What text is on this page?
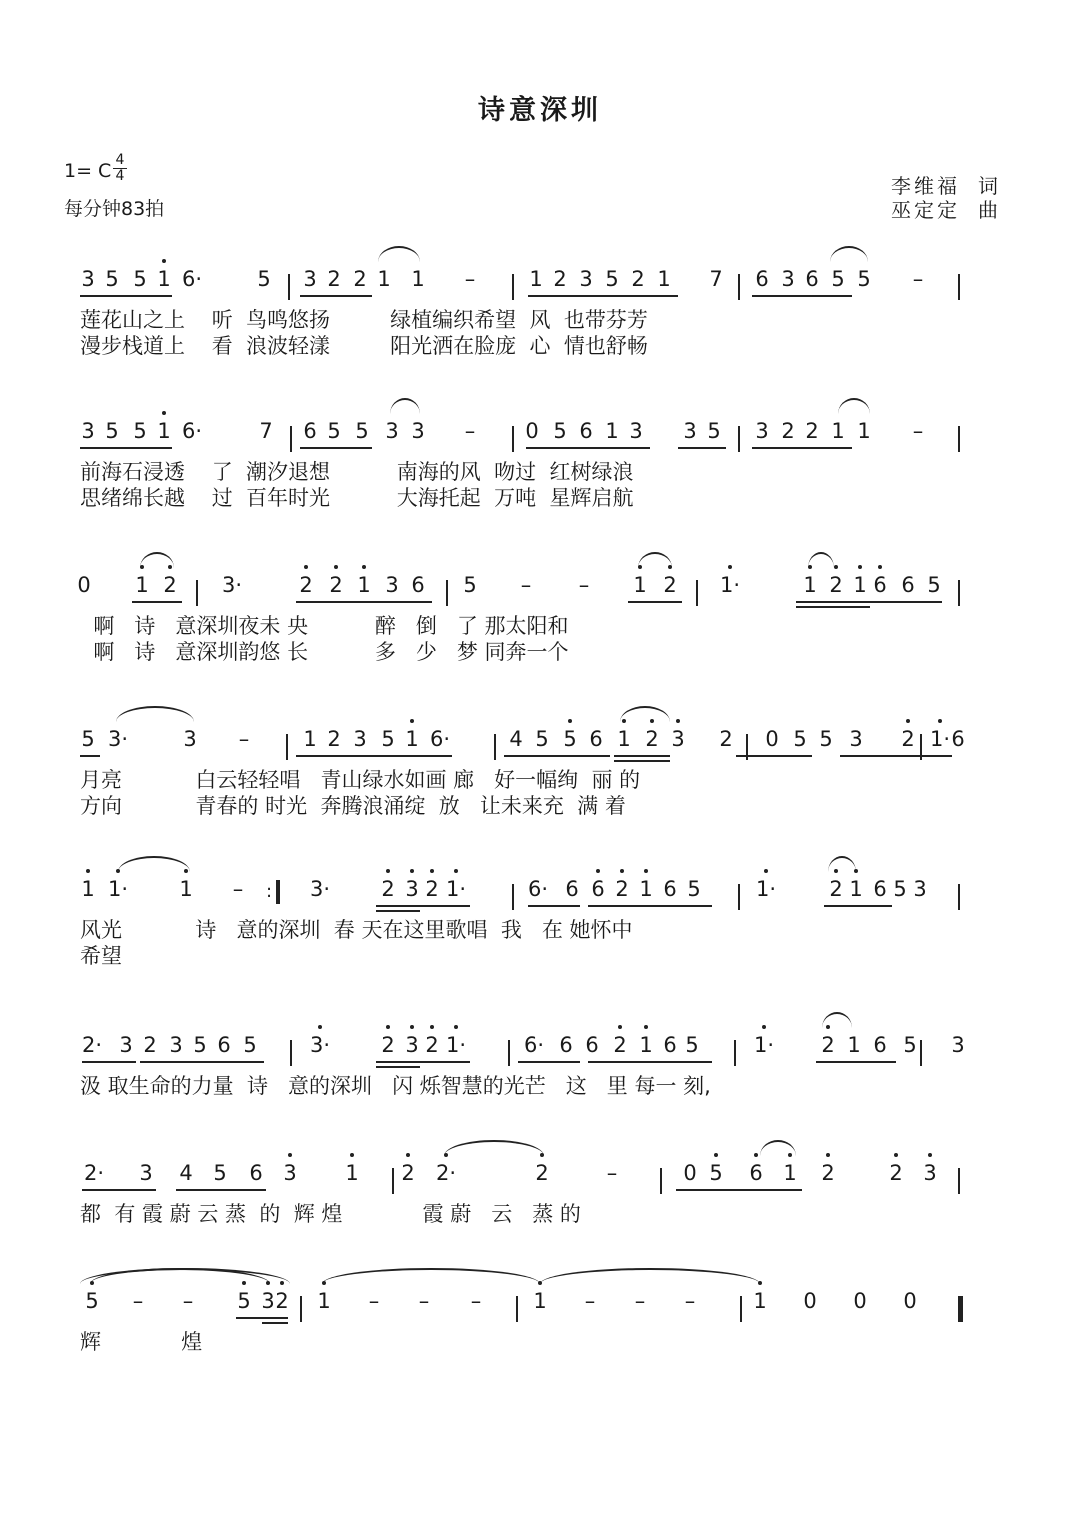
诗意深圳
1= C 4
4
每分钟83拍
李维福 词
巫定定 曲
3 5 5 1 6·	5 3 2 2 1 1 –	1 2 3 5 2 1 7 6 3 6 5 5 –
3 5 5 1 6·	7 6 5 5 3 3 – 0 5 6 1 3 3 5 3 2 2 1 1 –
0 1 2 3·	2 2 1 3 6 5 – – 1 2 1·	1 2 1 6 6 5
5 3·	3 –	1 2 3 5 1 6·	4 5 5 6 1 2 3 2 0 5 5 3 2 1· 6
1 1· 1 – :	3· 2 3 2 1·	6· 6 6 2 1 6 5	1·	2 1 6 5 3
2· 3 2 3 5 6 5	3· 2 3 2 1·	6· 6 6 2 1 6 5	1· 2 1 6 5 3
2· 3 4 5 6 3 1 2 2·	2	–	0 5 6 1 2	2 3
5 – – 5 3 2 1 – – – 1 – – –	1 0 0 0
莲花山之上    听  鸟鸣悠扬         绿植编织希望  风  也带芬芳
漫步栈道上    看  浪波轻漾         阳光洒在脸庞  心  情也舒畅
前海石浸透    了  潮汐退想          南海的风  吻过  红树绿浪
思绪绵长越    过  百年时光          大海托起  万吨  星辉启航
啊   诗   意深圳夜未 央          醉   倒   了 那太阳和
啊   诗   意深圳韵悠 长          多   少   梦 同奔一个
月亮           白云轻轻唱   青山绿水如画 廊   好一幅绚  丽 的
方向           青春的 时光  奔腾浪涌绽  放   让未来充  满 着
风光           诗   意的深圳  春 天在这里歌唱  我   在 她怀中
希望
汲 取生命的力量  诗   意的深圳   闪 烁智慧的光芒   这   里 每一 刻,
都  有 霞 蔚 云 蒸  的  辉 煌            霞 蔚   云   蒸 的
辉            煌
